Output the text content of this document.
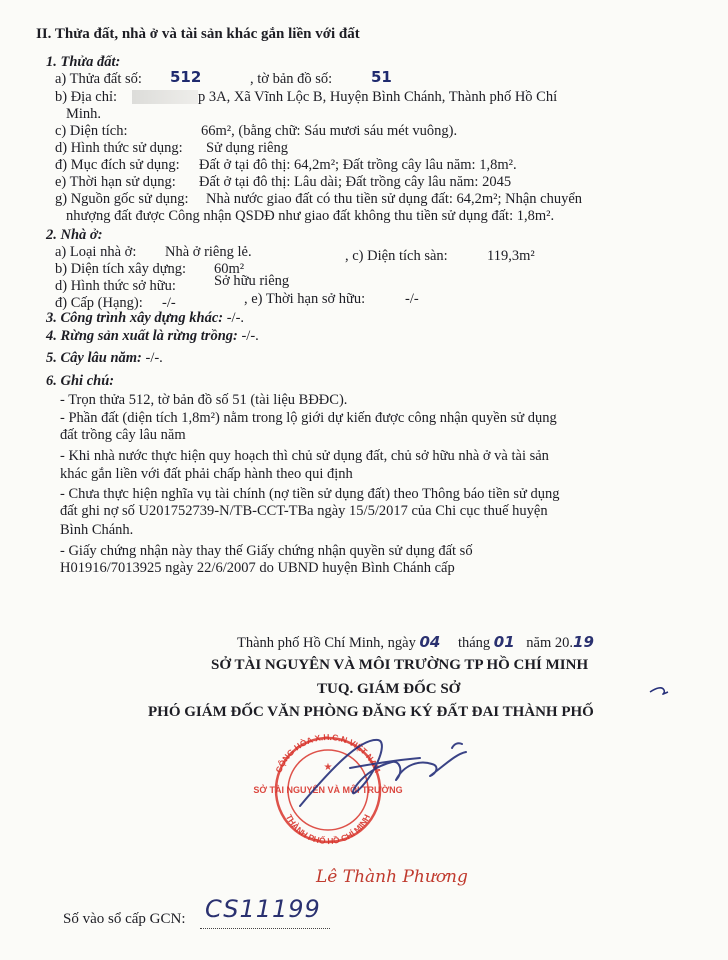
II. Thửa đất, nhà ở và tài sản khác gắn liền với đất
1. Thửa đất:
a) Thửa đất số: 512	, tờ bản đồ số:	51
b) Địa chỉ:	p 3A, Xã Vĩnh Lộc B, Huyện Bình Chánh, Thành phố Hồ Chí
Minh.
c) Diện tích:	66m², (bằng chữ: Sáu mươi sáu mét vuông).
d) Hình thức sử dụng: Sử dụng riêng
đ) Mục đích sử dụng: Đất ở tại đô thị: 64,2m²; Đất trồng cây lâu năm: 1,8m².
e) Thời hạn sử dụng: Đất ở tại đô thị: Lâu dài; Đất trồng cây lâu năm: 2045
g) Nguồn gốc sử dụng: Nhà nước giao đất có thu tiền sử dụng đất: 64,2m²; Nhận chuyển
nhượng đất được Công nhận QSDĐ như giao đất không thu tiền sử dụng đất: 1,8m².
2. Nhà ở:
a) Loại nhà ở: Nhà ở riêng lẻ.
b) Diện tích xây dựng: 60m²
, c) Diện tích sàn:	119,3m²
d) Hình thức sở hữu:	Sở hữu riêng
đ) Cấp (Hạng): -/-	, e) Thời hạn sở hữu:	-/-
3. Công trình xây dựng khác: -/-.
4. Rừng sản xuất là rừng trồng: -/-.
5. Cây lâu năm: -/-.
6. Ghi chú:
- Trọn thửa 512, tờ bản đồ số 51 (tài liệu BĐĐC).
- Phần đất (diện tích 1,8m²) nằm trong lộ giới dự kiến được công nhận quyền sử dụng
đất trồng cây lâu năm
- Khi nhà nước thực hiện quy hoạch thì chủ sử dụng đất, chủ sở hữu nhà ở và tài sản
khác gắn liền với đất phải chấp hành theo qui định
- Chưa thực hiện nghĩa vụ tài chính (nợ tiền sử dụng đất) theo Thông báo tiền sử dụng
đất ghi nợ số U201752739-N/TB-CCT-TBa ngày 15/5/2017 của Chi cục thuế huyện
Bình Chánh.
- Giấy chứng nhận này thay thế Giấy chứng nhận quyền sử dụng đất số
H01916/7013925 ngày 22/6/2007 do UBND huyện Bình Chánh cấp
Thành phố Hồ Chí Minh, ngày 04 tháng 01 năm 20.19
SỞ TÀI NGUYÊN VÀ MÔI TRƯỜNG TP HỒ CHÍ MINH
TUQ. GIÁM ĐỐC SỞ
PHÓ GIÁM ĐỐC VĂN PHÒNG ĐĂNG KÝ ĐẤT ĐAI THÀNH PHỐ
CỘNG HÒA X.H.C.N VIỆT NAM
THÀNH PHỐ HỒ CHÍ MINH
SỞ TÀI NGUYÊN VÀ MÔI TRƯỜNG
★
Lê Thành Phương
Số vào sổ cấp GCN: CS11199
